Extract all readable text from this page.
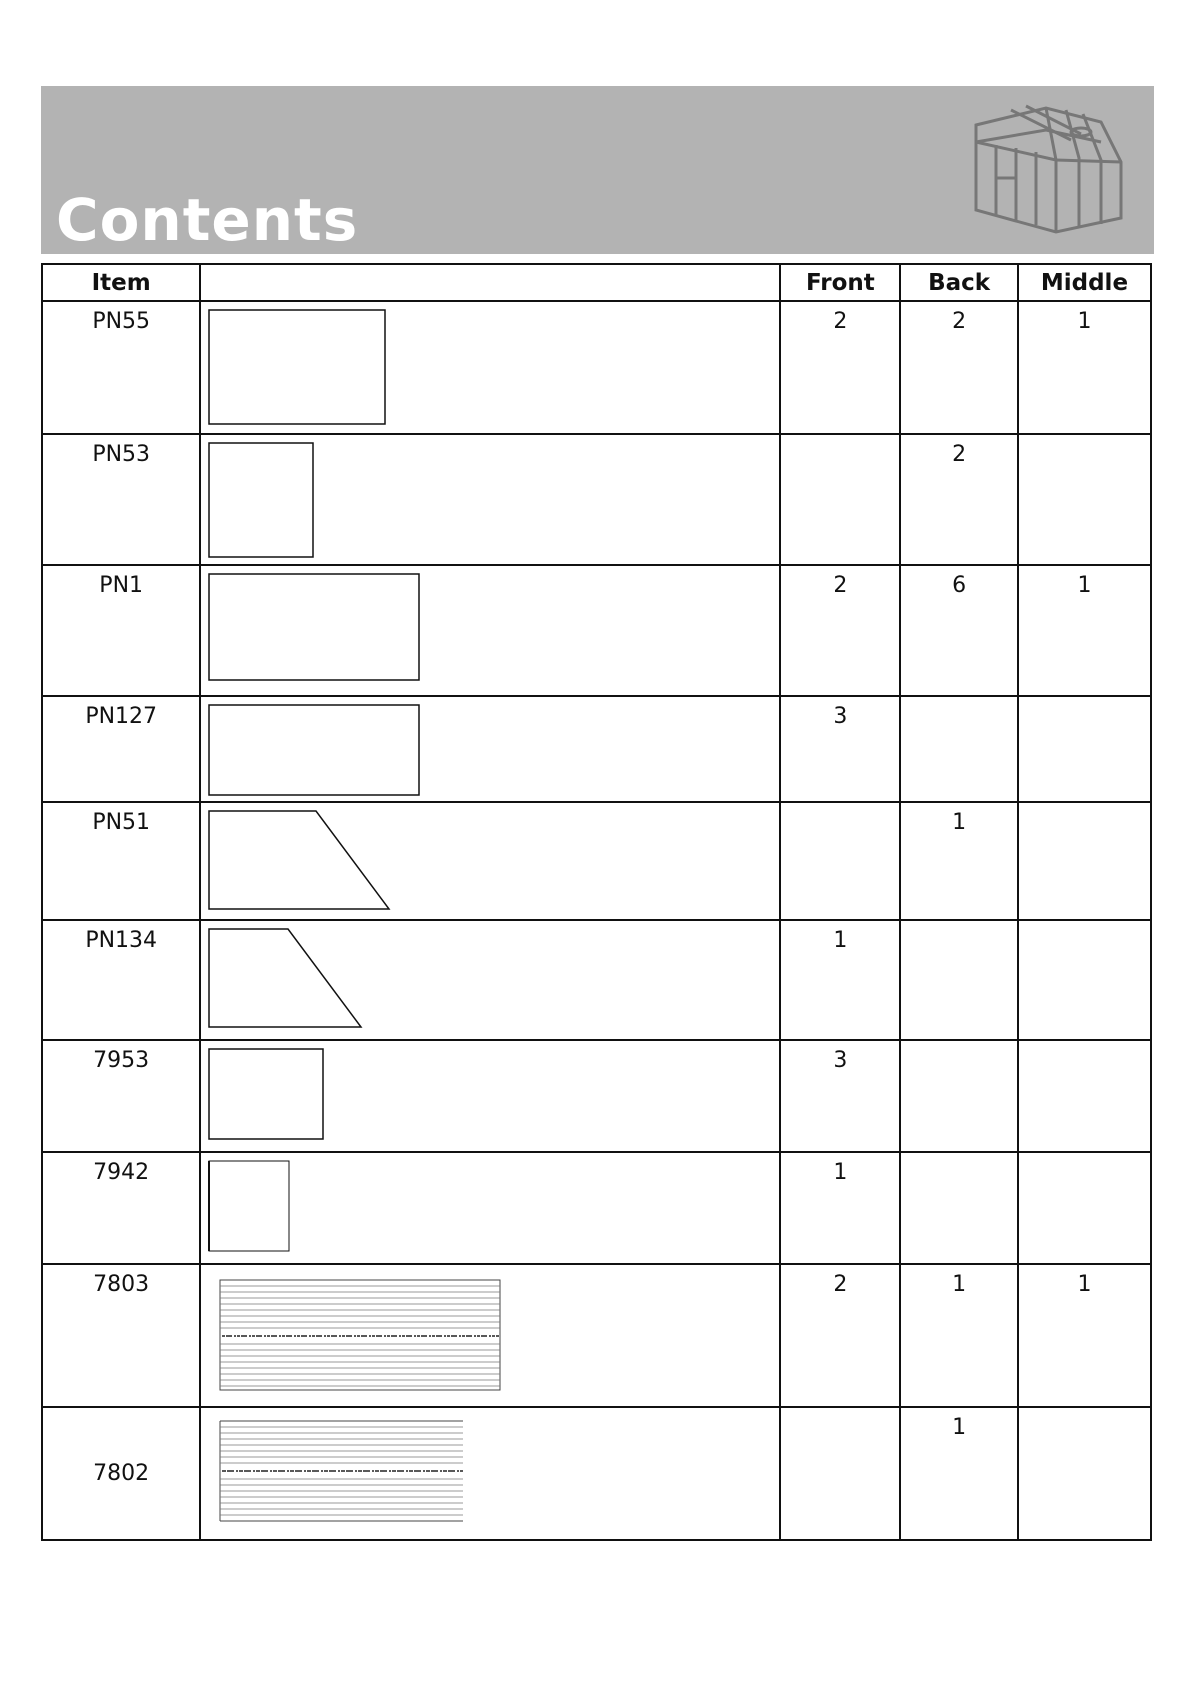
Contents
Item		Front	Back	Middle
PN55		2	2	1
PN53			2	
PN1		2	6	1
PN127		3		
PN51			1	
PN134		1		
7953		3		
7942		1		
7803		2	1	1
7802			1	
